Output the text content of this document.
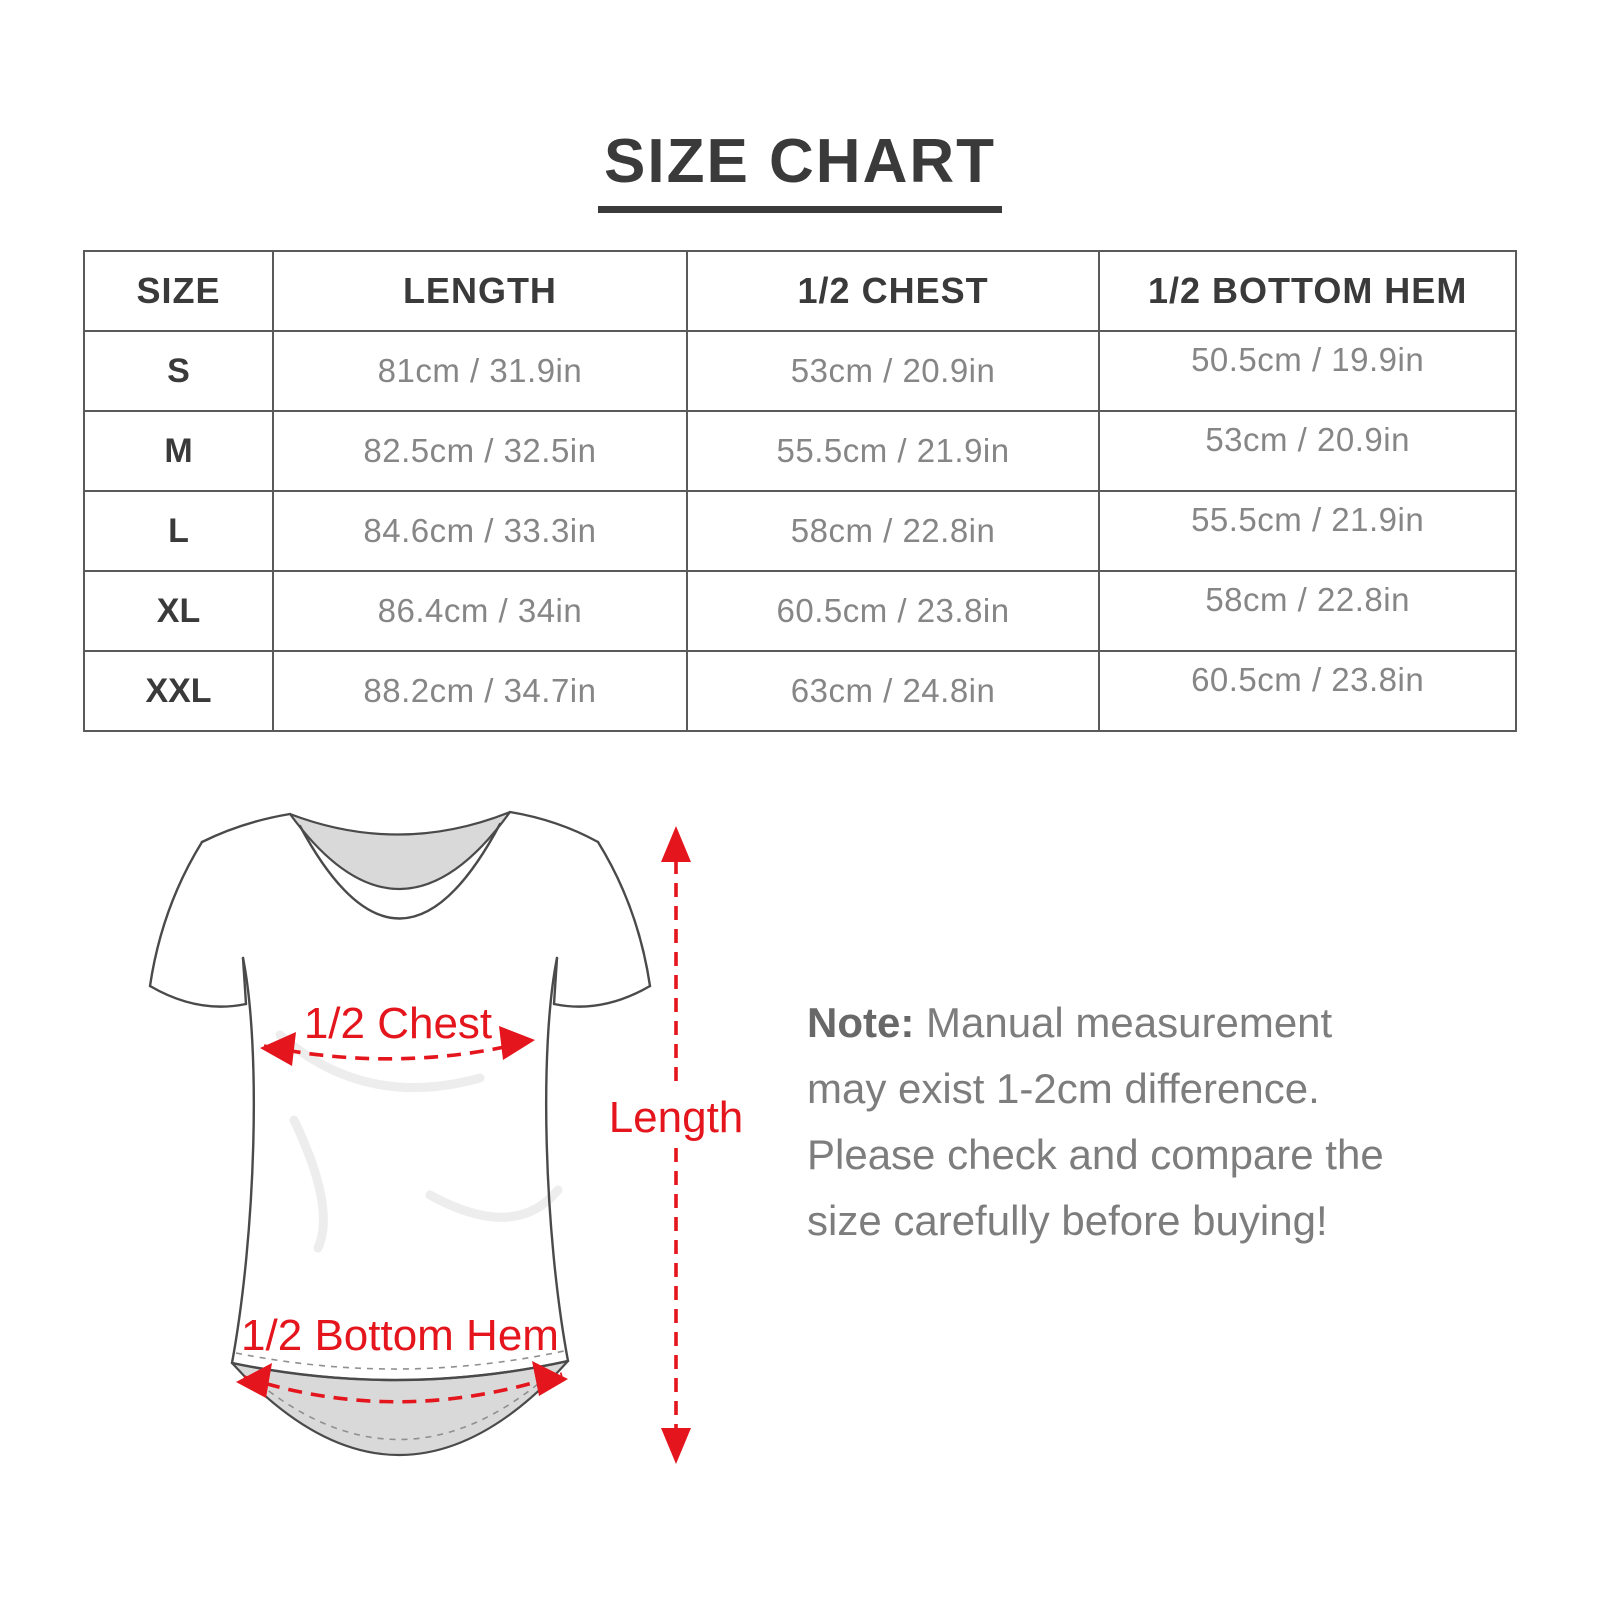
SIZE CHART
SIZE	LENGTH	1/2 CHEST	1/2 BOTTOM HEM
S	81cm / 31.9in	53cm / 20.9in	50.5cm / 19.9in
M	82.5cm / 32.5in	55.5cm / 21.9in	53cm / 20.9in
L	84.6cm / 33.3in	58cm / 22.8in	55.5cm / 21.9in
XL	86.4cm / 34in	60.5cm / 23.8in	58cm / 22.8in
XXL	88.2cm / 34.7in	63cm / 24.8in	60.5cm / 23.8in
1/2 Chest
1/2 Bottom Hem
Length

Note: Manual measurement may exist 1-2cm difference. Please check and compare the size carefully before buying!
